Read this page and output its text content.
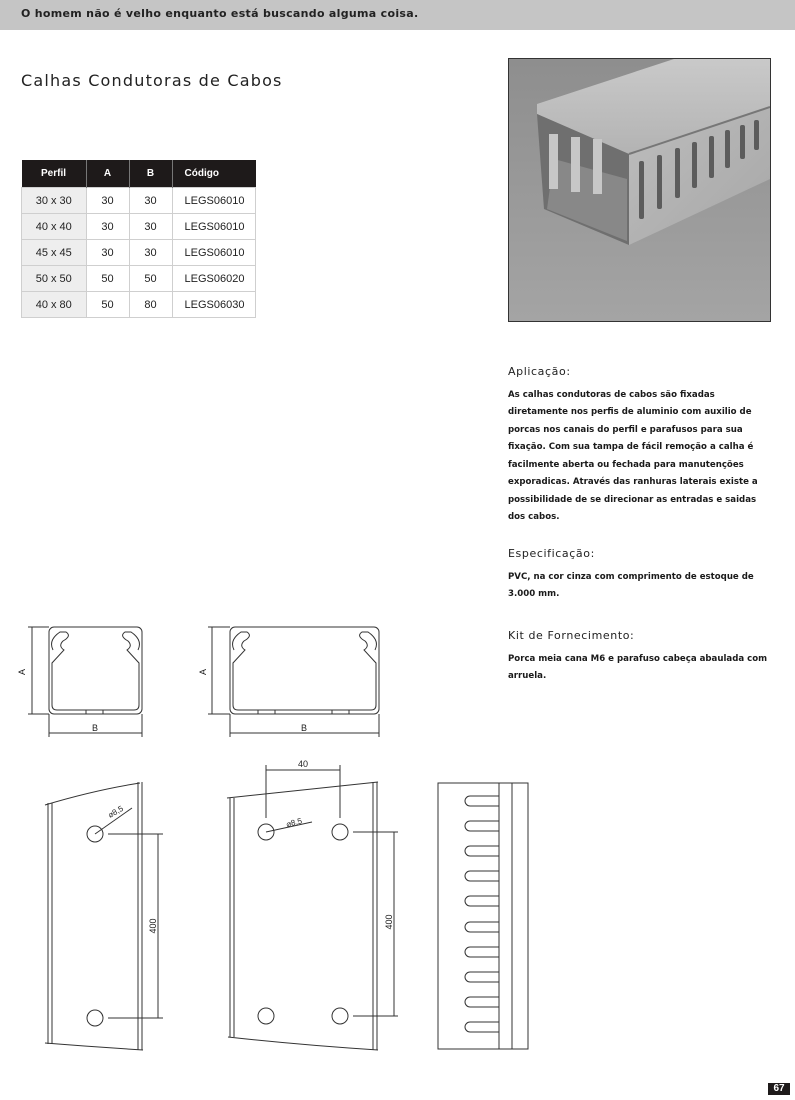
O homem não é velho enquanto está buscando alguma coisa.
Calhas Condutoras de Cabos
Perfil	A	B	Código
30 x 30	30	30	LEGS06010
40 x 40	30	30	LEGS06010
45 x 45	30	30	LEGS06010
50 x 50	50	50	LEGS06020
40 x 80	50	80	LEGS06030
Aplicação:

As calhas condutoras de cabos são fixadas diretamente nos perfis de aluminio com auxilio de porcas nos canais do perfil e parafusos para sua fixação. Com sua tampa de fácil remoção a calha é facilmente aberta ou fechada para manutenções exporadicas. Através das ranhuras laterais existe a possibilidade de se direcionar as entradas e saidas dos cabos.

Especificação:

PVC, na cor cinza com comprimento de estoque de 3.000 mm.

Kit de Fornecimento:

Porca meia cana M6 e parafuso cabeça abaulada com arruela.

A
B
A
B
⌀8,5
⌀8,5
40
400	400
67
